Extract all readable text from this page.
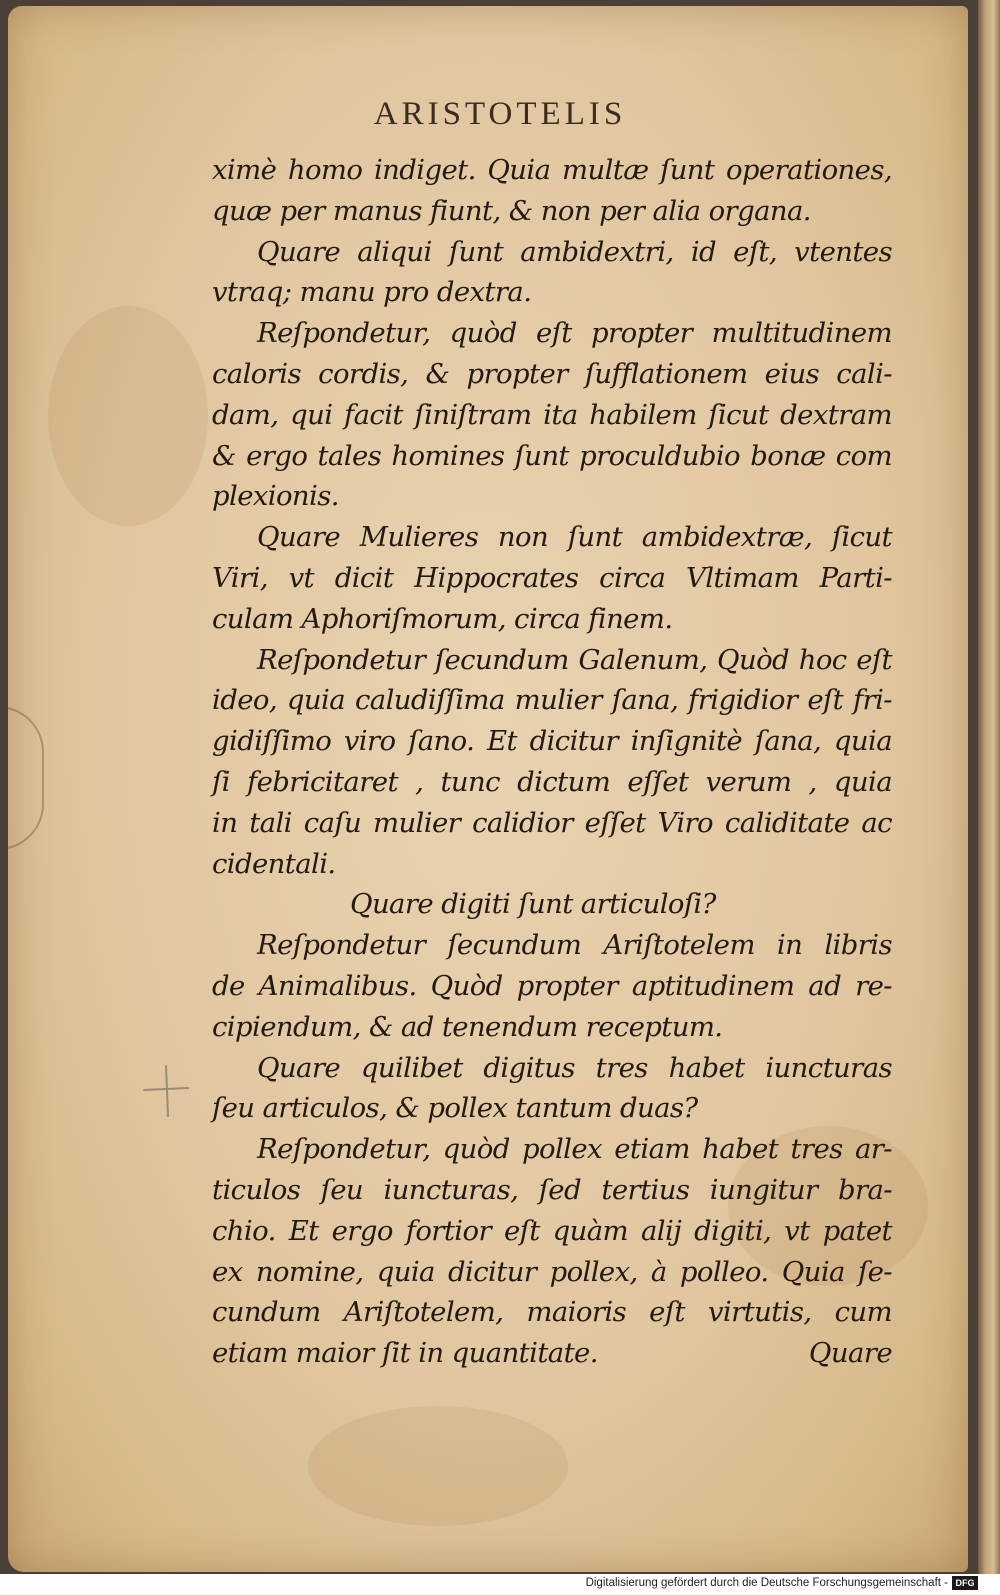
ARISTOTELIS
ximè homo indiget. Quia multæ ſunt operationes,
quæ per manus fiunt, & non per alia organa.
Quare aliqui ſunt ambidextri, id eſt, vtentes
vtraq; manu pro dextra.
Reſpondetur, quòd eſt propter multitudinem
caloris cordis, & propter ſufflationem eius cali-
dam, qui facit ſiniſtram ita habilem ſicut dextram
& ergo tales homines ſunt proculdubio bonæ com
plexionis.
Quare Mulieres non ſunt ambidextræ, ſicut
Viri, vt dicit Hippocrates circa Vltimam Parti-
culam Aphoriſmorum, circa finem.
Reſpondetur ſecundum Galenum, Quòd hoc eſt
ideo, quia caludiſſima mulier ſana, frigidior eſt fri-
gidiſſimo viro ſano. Et dicitur inſignitè ſana, quia
ſi febricitaret , tunc dictum eſſet verum , quia
in tali caſu mulier calidior eſſet Viro caliditate ac
cidentali.
Quare digiti ſunt articuloſi?
Reſpondetur ſecundum Ariſtotelem in libris
de Animalibus. Quòd propter aptitudinem ad re-
cipiendum, & ad tenendum receptum.
Quare quilibet digitus tres habet iuncturas
ſeu articulos, & pollex tantum duas?
Reſpondetur, quòd pollex etiam habet tres ar-
ticulos ſeu iuncturas, ſed tertius iungitur bra-
chio. Et ergo fortior eſt quàm alij digiti, vt patet
ex nomine, quia dicitur pollex, à polleo. Quia ſe-
cundum Ariſtotelem, maioris eſt virtutis, cum
etiam maior ſit in quantitate.	Quare
Digitalisierung gefördert durch die Deutsche Forschungsgemeinschaft - DFG
